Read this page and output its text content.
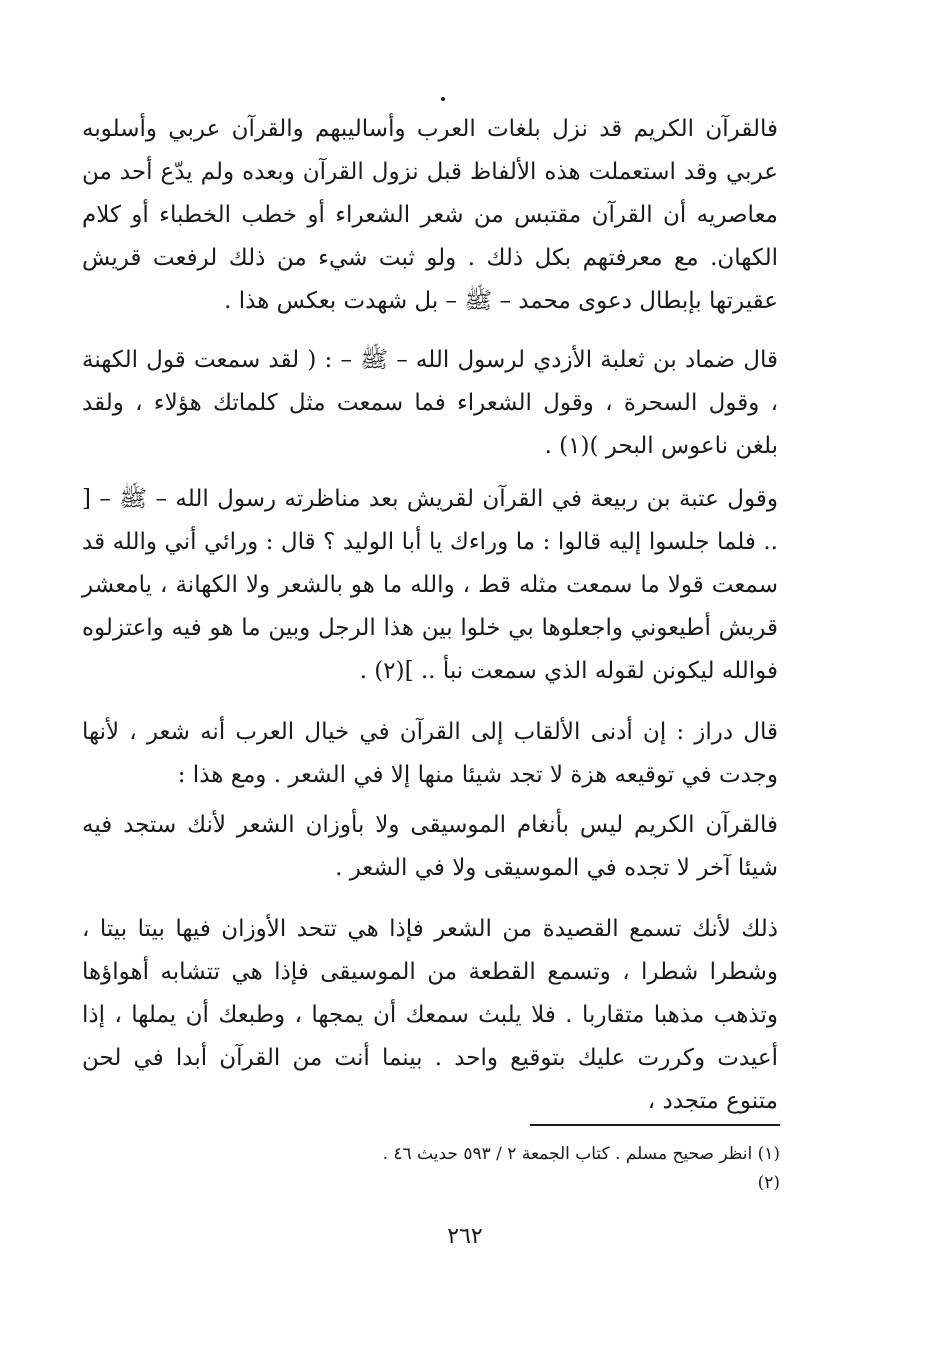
فالقرآن الكريم قد نزل بلغات العرب وأساليبهم والقرآن عربي وأسلوبه عربي وقد استعملت هذه الألفاظ قبل نزول القرآن وبعده ولم يدّع أحد من معاصريه أن القرآن مقتبس من شعر الشعراء أو خطب الخطباء أو كلام الكهان. مع معرفتهم بكل ذلك . ولو ثبت شيء من ذلك لرفعت قريش عقيرتها بإبطال دعوى محمد – ﷺ – بل شهدت بعكس هذا .

قال ضماد بن ثعلبة الأزدي لرسول الله – ﷺ – : ( لقد سمعت قول الكهنة ، وقول السحرة ، وقول الشعراء فما سمعت مثل كلماتك هؤلاء ، ولقد بلغن ناعوس البحر )(١) .

وقول عتبة بن ربيعة في القرآن لقريش بعد مناظرته رسول الله – ﷺ – [ .. فلما جلسوا إليه قالوا : ما وراءك يا أبا الوليد ؟ قال : ورائي أني والله قد سمعت قولا ما سمعت مثله قط ، والله ما هو بالشعر ولا الكهانة ، يامعشر قريش أطيعوني واجعلوها بي خلوا بين هذا الرجل وبين ما هو فيه واعتزلوه فوالله ليكونن لقوله الذي سمعت نبأ .. ](٢) .

قال دراز : إن أدنى الألقاب إلى القرآن في خيال العرب أنه شعر ، لأنها وجدت في توقيعه هزة لا تجد شيئا منها إلا في الشعر . ومع هذا :

فالقرآن الكريم ليس بأنغام الموسيقى ولا بأوزان الشعر لأنك ستجد فيه شيئا آخر لا تجده في الموسيقى ولا في الشعر .

ذلك لأنك تسمع القصيدة من الشعر فإذا هي تتحد الأوزان فيها بيتا بيتا ، وشطرا شطرا ، وتسمع القطعة من الموسيقى فإذا هي تتشابه أهواؤها وتذهب مذهبا متقاربا . فلا يلبث سمعك أن يمجها ، وطبعك أن يملها ، إذا أعيدت وكررت عليك بتوقيع واحد . بينما أنت من القرآن أبدا في لحن متنوع متجدد ،

(١) انظر صحيح مسلم . كتاب الجمعة ٢ / ٥٩٣ حديث ٤٦ .

(٢)

٢٦٢
